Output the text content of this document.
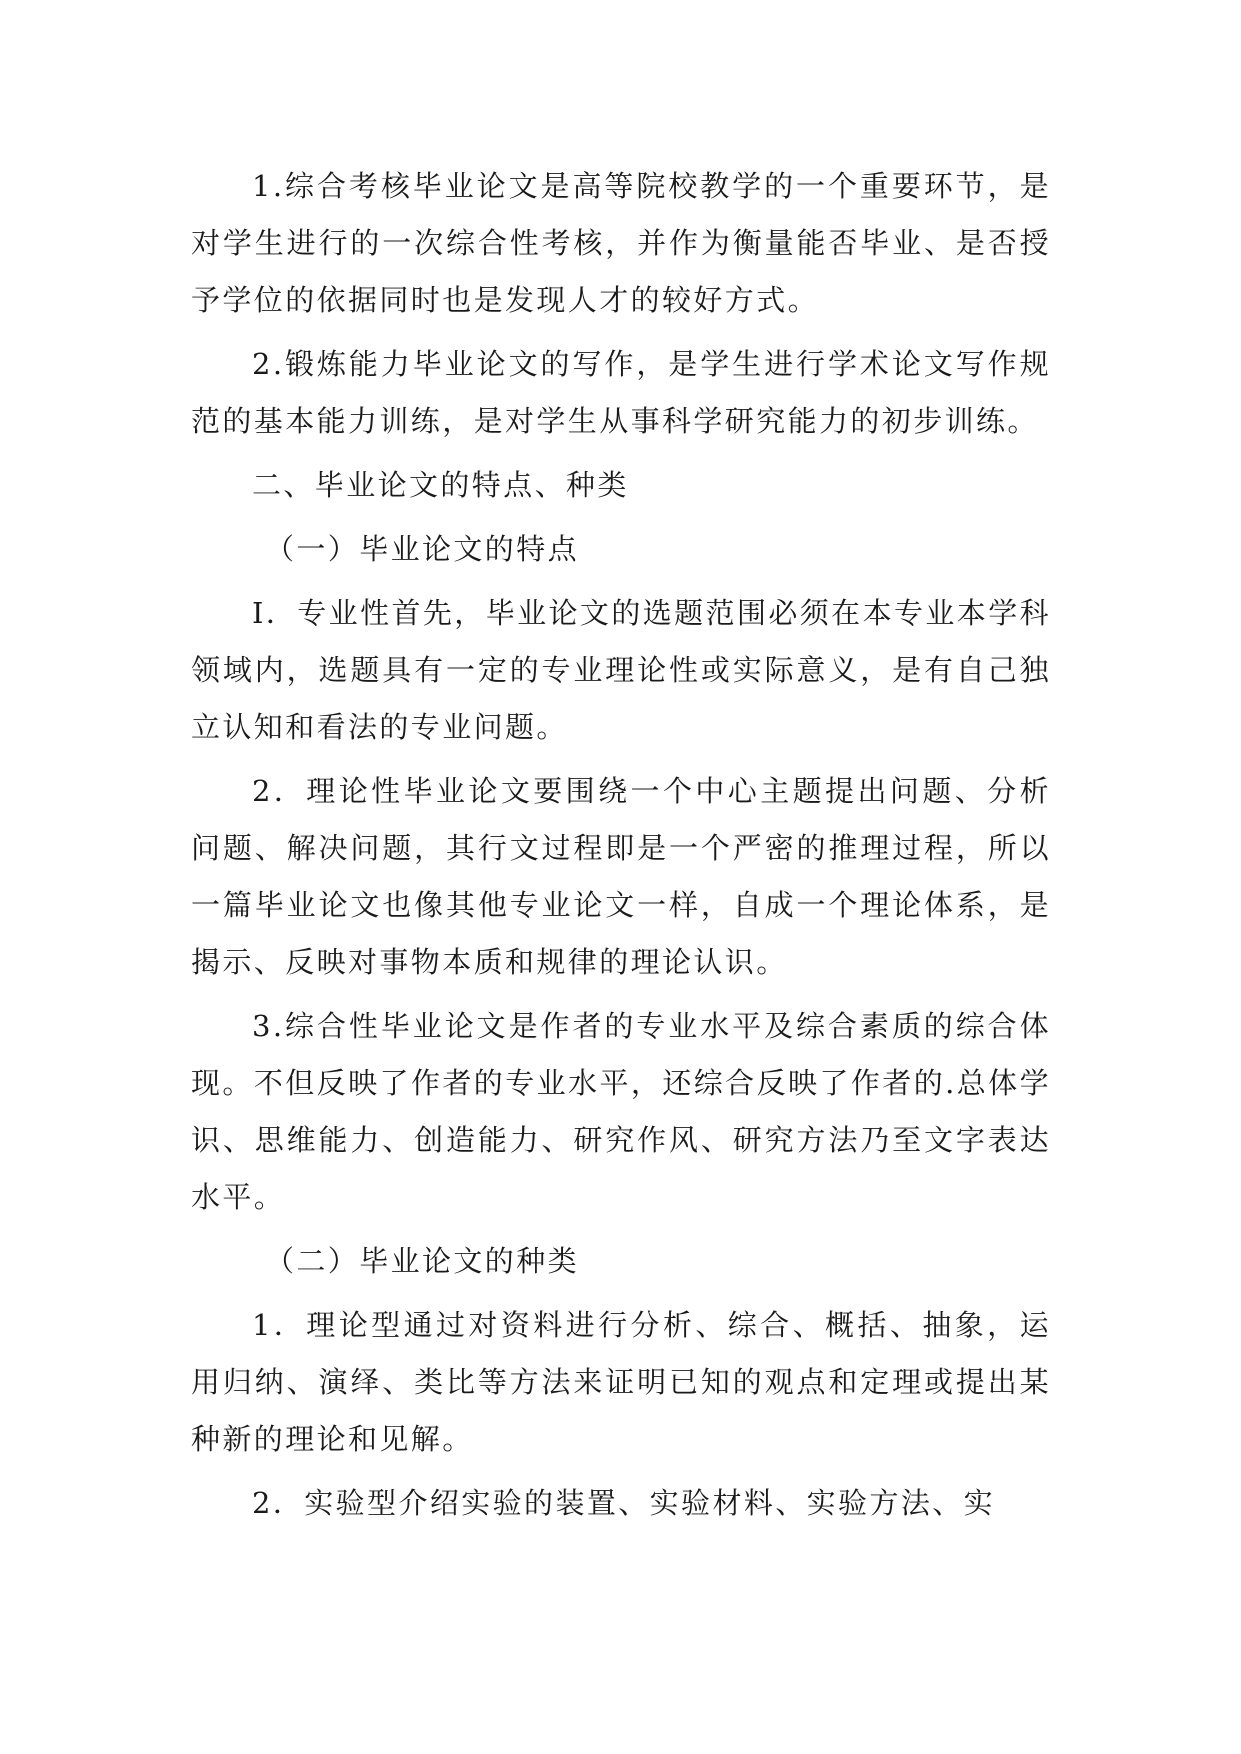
1.综合考核毕业论文是高等院校教学的一个重要环节，是对学生进行的一次综合性考核，并作为衡量能否毕业、是否授予学位的依据同时也是发现人才的较好方式。

2.锻炼能力毕业论文的写作，是学生进行学术论文写作规范的基本能力训练，是对学生从事科学研究能力的初步训练。

二、毕业论文的特点、种类

（一）毕业论文的特点

I．专业性首先，毕业论文的选题范围必须在本专业本学科领域内，选题具有一定的专业理论性或实际意义，是有自己独立认知和看法的专业问题。

2．理论性毕业论文要围绕一个中心主题提出问题、分析问题、解决问题，其行文过程即是一个严密的推理过程，所以一篇毕业论文也像其他专业论文一样，自成一个理论体系，是揭示、反映对事物本质和规律的理论认识。

3.综合性毕业论文是作者的专业水平及综合素质的综合体现。不但反映了作者的专业水平，还综合反映了作者的.总体学识、思维能力、创造能力、研究作风、研究方法乃至文字表达水平。

（二）毕业论文的种类

1．理论型通过对资料进行分析、综合、概括、抽象，运用归纳、演绎、类比等方法来证明已知的观点和定理或提出某种新的理论和见解。

2．实验型介绍实验的装置、实验材料、实验方法、实
